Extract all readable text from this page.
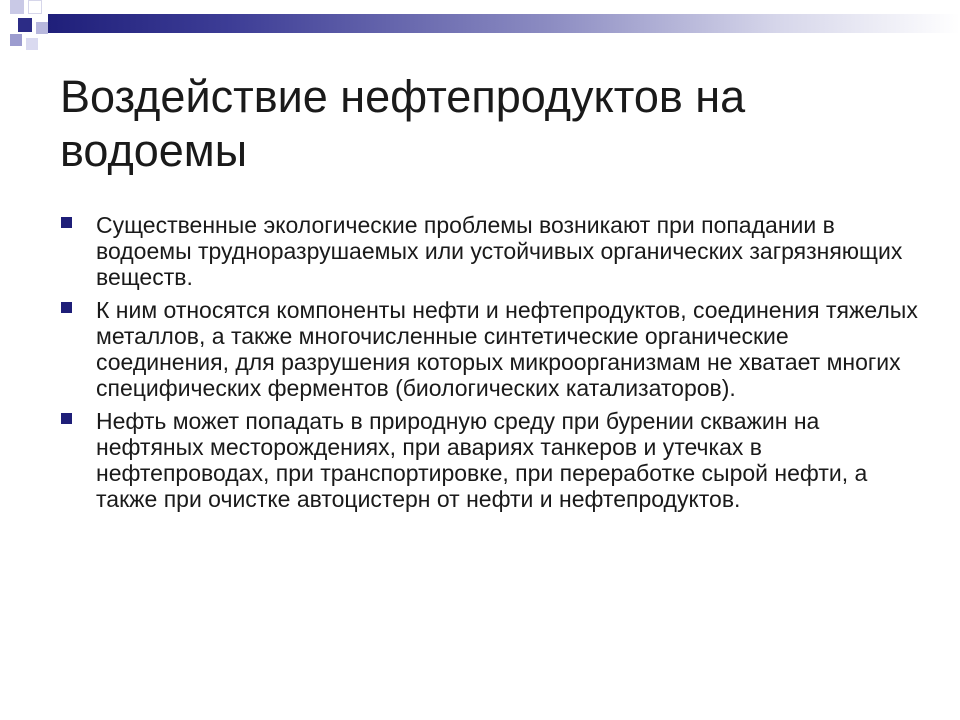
Воздействие нефтепродуктов на водоемы
Существенные экологические проблемы возникают при попадании в водоемы трудноразрушаемых или устойчивых органических загрязняющих веществ.
К ним относятся компоненты нефти и нефтепродуктов, соединения тяжелых металлов, а также многочисленные синтетические органические соединения, для разрушения которых микроорганизмам не хватает многих специфических ферментов (биологических катализаторов).
Нефть может попадать в природную среду при бурении скважин на нефтяных месторождениях, при авариях танкеров и утечках в нефтепроводах, при транспортировке, при переработке сырой нефти, а также при очистке автоцистерн от нефти и нефтепродуктов.
